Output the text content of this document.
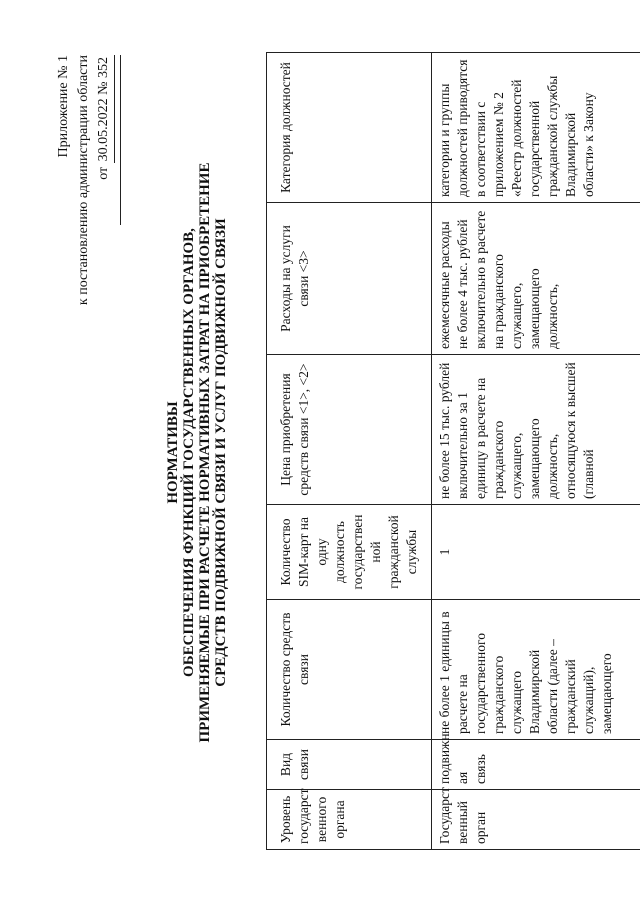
Приложение № 1 к постановлению администрации области от 30.05.2022 № 352
НОРМАТИВЫ ОБЕСПЕЧЕНИЯ ФУНКЦИЙ ГОСУДАРСТВЕННЫХ ОРГАНОВ, ПРИМЕНЯЕМЫЕ ПРИ РАСЧЕТЕ НОРМАТИВНЫХ ЗАТРАТ НА ПРИОБРЕТЕНИЕ СРЕДСТВ ПОДВИЖНОЙ СВЯЗИ И УСЛУГ ПОДВИЖНОЙ СВЯЗИ
Уровень государст венного органа	Вид связи	Количество средств связи	Количество SIM-карт на одну должность государствен ной гражданской службы	Цена приобретения средств связи <1>, <2>	Расходы на услуги связи <3>	Категория должностей
Государст венный орган	подвижн ая связь	не более 1 единицы в расчете на государственного гражданского служащего Владимирской области (далее – гражданский служащий), замещающего	1	не более 15 тыс. рублей включительно за 1 единицу в расчете на гражданского служащего, замещающего должность, относящуюся к высшей (главной	ежемесячные расходы не более 4 тыс. рублей включительно в расчете на гражданского служащего, замещающего должность,	категории и группы должностей приводятся в соответствии с приложением № 2 «Реестр должностей государственной гражданской службы Владимирской области» к Закону
